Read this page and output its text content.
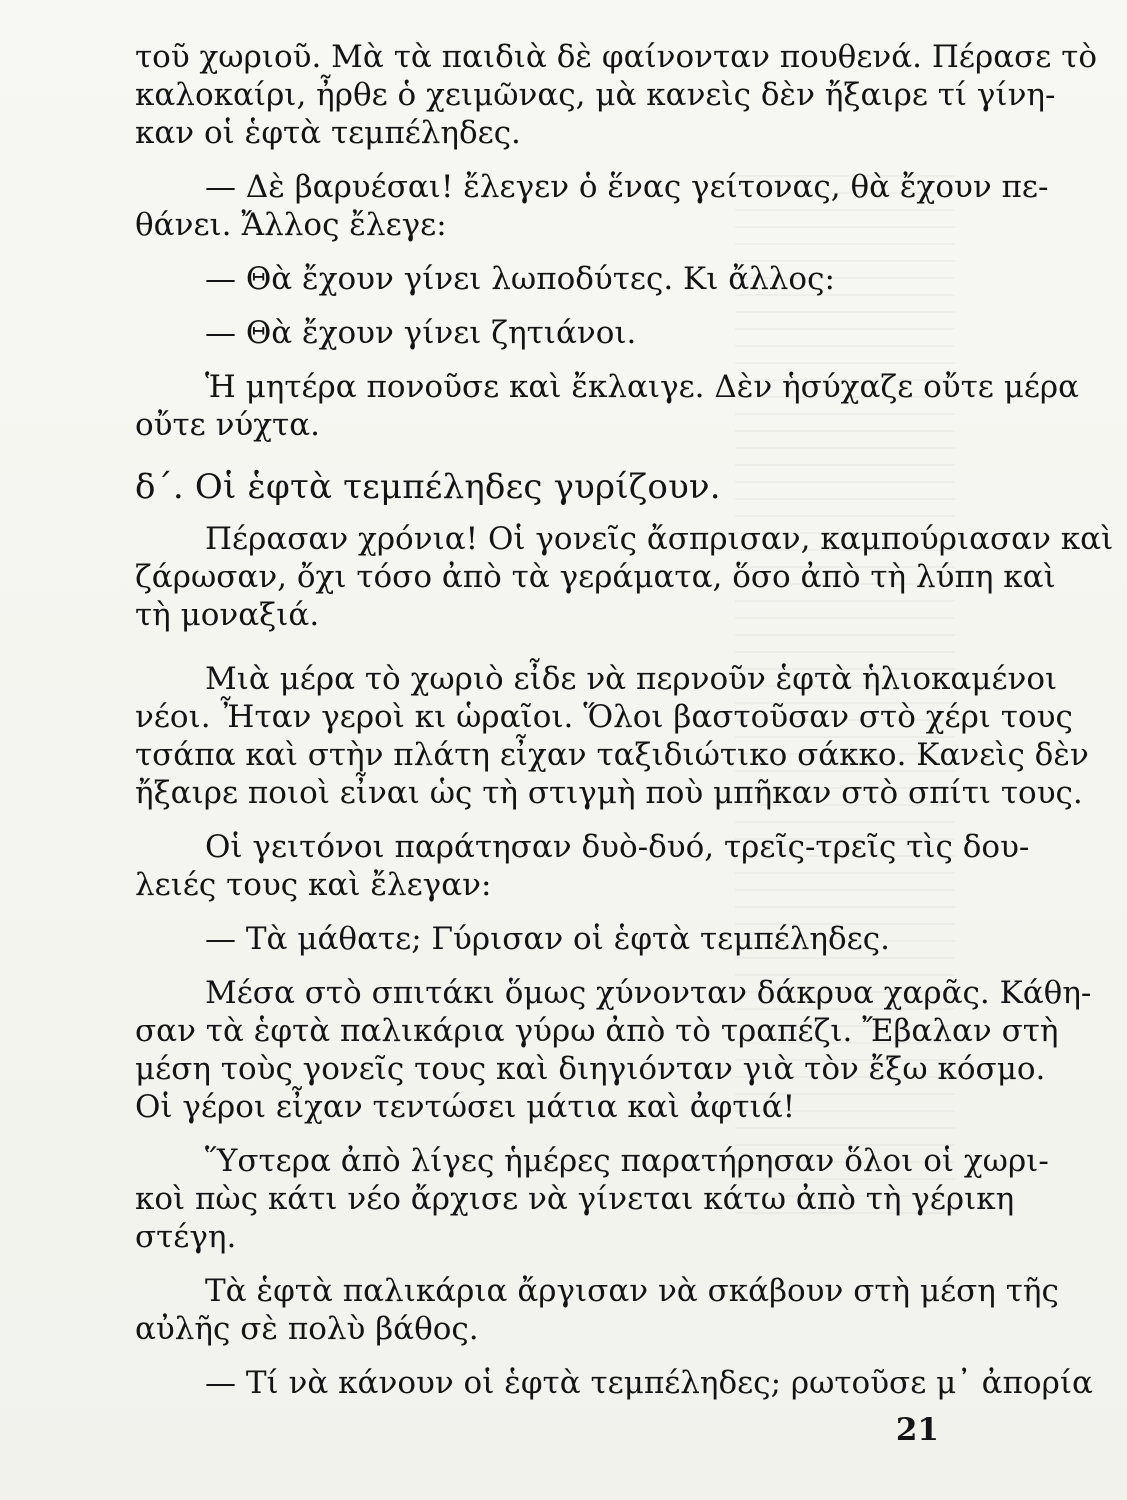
τοῦ χωριοῦ. Μὰ τὰ παιδιὰ δὲ φαίνονταν πουθενά. Πέρασε τὸ
καλοκαίρι, ἦρθε ὁ χειμῶνας, μὰ κανεὶς δὲν ἤξαιρε τί γίνη-
καν οἱ ἑφτὰ τεμπέληδες.
— Δὲ βαρυέσαι! ἔλεγεν ὁ ἕνας γείτονας, θὰ ἔχουν πε-
θάνει. Ἄλλος ἔλεγε:
— Θὰ ἔχουν γίνει λωποδύτες. Κι ἄλλος:
— Θὰ ἔχουν γίνει ζητιάνοι.
Ἡ μητέρα πονοῦσε καὶ ἔκλαιγε. Δὲν ἡσύχαζε οὔτε μέρα
οὔτε νύχτα.
δ΄. Οἱ ἑφτὰ τεμπέληδες γυρίζουν.
Πέρασαν χρόνια! Οἱ γονεῖς ἄσπρισαν, καμπούριασαν καὶ
ζάρωσαν, ὄχι τόσο ἀπὸ τὰ γεράματα, ὅσο ἀπὸ τὴ λύπη καὶ
τὴ μοναξιά.
Μιὰ μέρα τὸ χωριὸ εἶδε νὰ περνοῦν ἑφτὰ ἡλιοκαμένοι
νέοι. Ἦταν γεροὶ κι ὡραῖοι. Ὅλοι βαστοῦσαν στὸ χέρι τους
τσάπα καὶ στὴν πλάτη εἶχαν ταξιδιώτικο σάκκο. Κανεὶς δὲν
ἤξαιρε ποιοὶ εἶναι ὡς τὴ στιγμὴ ποὺ μπῆκαν στὸ σπίτι τους.
Οἱ γειτόνοι παράτησαν δυὸ-δυό, τρεῖς-τρεῖς τὶς δου-
λειές τους καὶ ἔλεγαν:
— Τὰ μάθατε; Γύρισαν οἱ ἑφτὰ τεμπέληδες.
Μέσα στὸ σπιτάκι ὅμως χύνονταν δάκρυα χαρᾶς. Κάθη-
σαν τὰ ἑφτὰ παλικάρια γύρω ἀπὸ τὸ τραπέζι. Ἔβαλαν στὴ
μέση τοὺς γονεῖς τους καὶ διηγιόνταν γιὰ τὸν ἔξω κόσμο.
Οἱ γέροι εἶχαν τεντώσει μάτια καὶ ἀφτιά!
Ὕστερα ἀπὸ λίγες ἡμέρες παρατήρησαν ὅλοι οἱ χωρι-
κοὶ πὼς κάτι νέο ἄρχισε νὰ γίνεται κάτω ἀπὸ τὴ γέρικη
στέγη.
Τὰ ἑφτὰ παλικάρια ἄργισαν νὰ σκάβουν στὴ μέση τῆς
αὐλῆς σὲ πολὺ βάθος.
— Τί νὰ κάνουν οἱ ἑφτὰ τεμπέληδες; ρωτοῦσε μ᾽ ἀπορία
21
